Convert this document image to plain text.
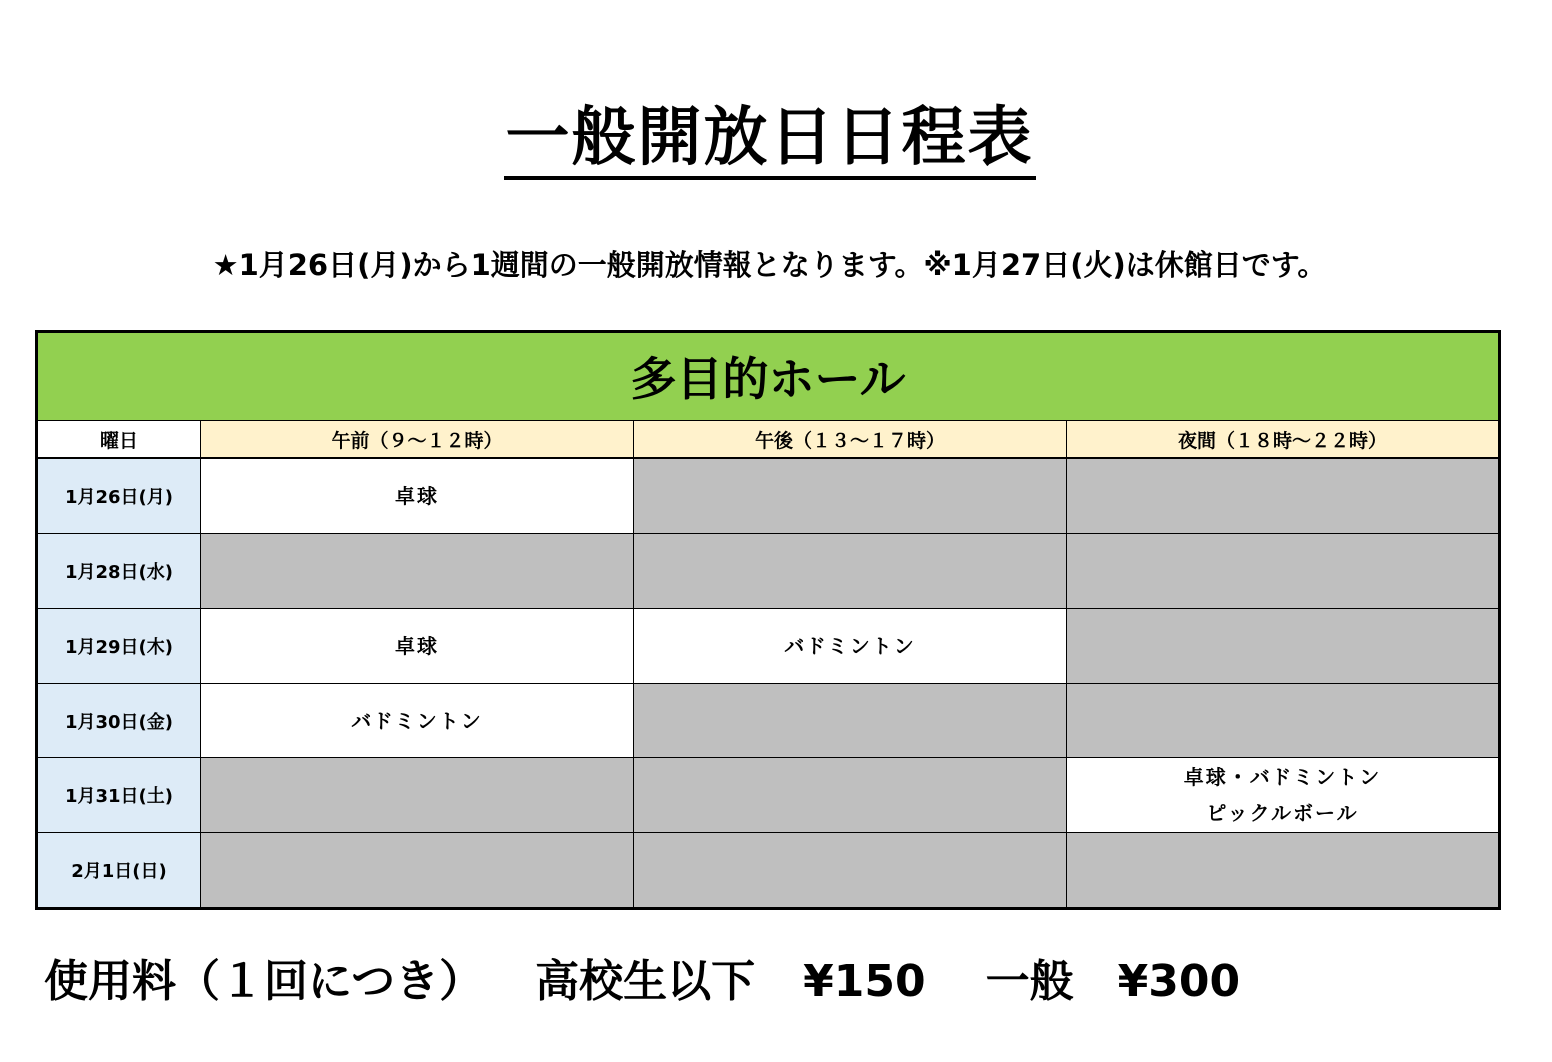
一般開放日日程表
★1月26日(月)から1週間の一般開放情報となります。※1月27日(火)は休館日です。
多目的ホール			
曜日	午前（９～１２時）	午後（１３～１７時）	夜間（１８時～２２時）
1月26日(月)	卓球		
1月28日(水)			
1月29日(木)	卓球	バドミントン	
1月30日(金)	バドミントン		
1月31日(土)			卓球・バドミントン
ピックルボール

2月1日(日)			
使用料（１回につき） 高校生以下 ¥150 一般 ¥300
